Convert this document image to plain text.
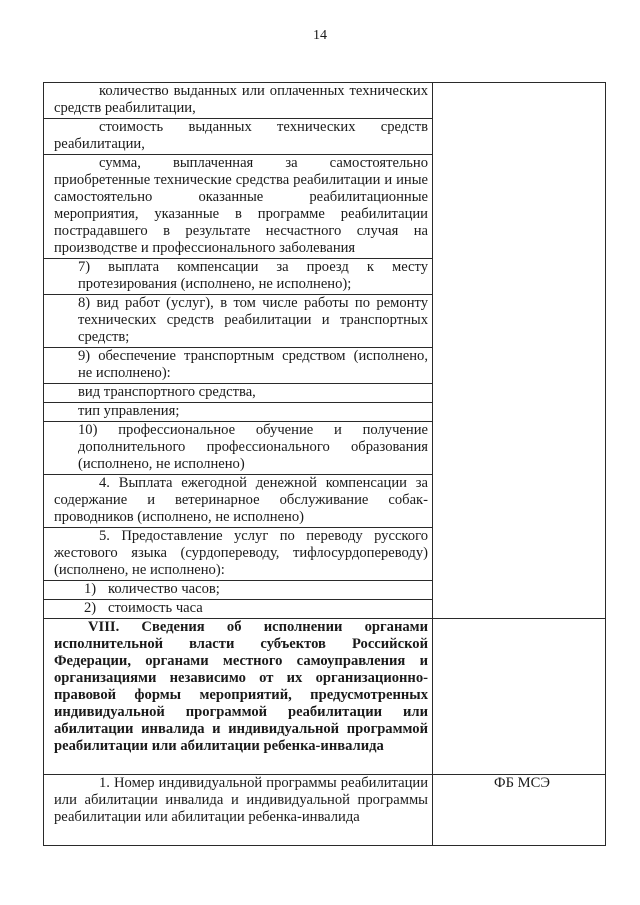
14
количество выданных или оплаченных технических средств реабилитации,	
стоимость выданных технических средств реабилитации,	
сумма, выплаченная за самостоятельно приобретенные технические средства реабилитации и иные самостоятельно оказанные реабилитационные мероприятия, указанные в программе реабилитации пострадавшего в результате несчастного случая на производстве и профессионального заболевания	
7) выплата компенсации за проезд к месту протезирования (исполнено, не исполнено);	
8) вид работ (услуг), в том числе работы по ремонту технических средств реабилитации и транспортных средств;	
9) обеспечение транспортным средством (исполнено, не исполнено):	
вид транспортного средства,	
тип управления;	
10) профессиональное обучение и получение дополнительного профессионального образования (исполнено, не исполнено)	
4. Выплата ежегодной денежной компенсации за содержание и ветеринарное обслуживание собак-проводников (исполнено, не исполнено)	
5. Предоставление услуг по переводу русского жестового языка (сурдопереводу, тифлосурдопереводу) (исполнено, не исполнено):	
1) количество часов;	
2) стоимость часа	
VIII. Сведения об исполнении органами исполнительной власти субъектов Российской Федерации, органами местного самоуправления и организациями независимо от их организационно-правовой формы мероприятий, предусмотренных индивидуальной программой реабилитации или абилитации инвалида и индивидуальной программой реабилитации или абилитации ребенка-инвалида	
1. Номер индивидуальной программы реабилитации или абилитации инвалида и индивидуальной программы реабилитации или абилитации ребенка-инвалида	ФБ МСЭ
